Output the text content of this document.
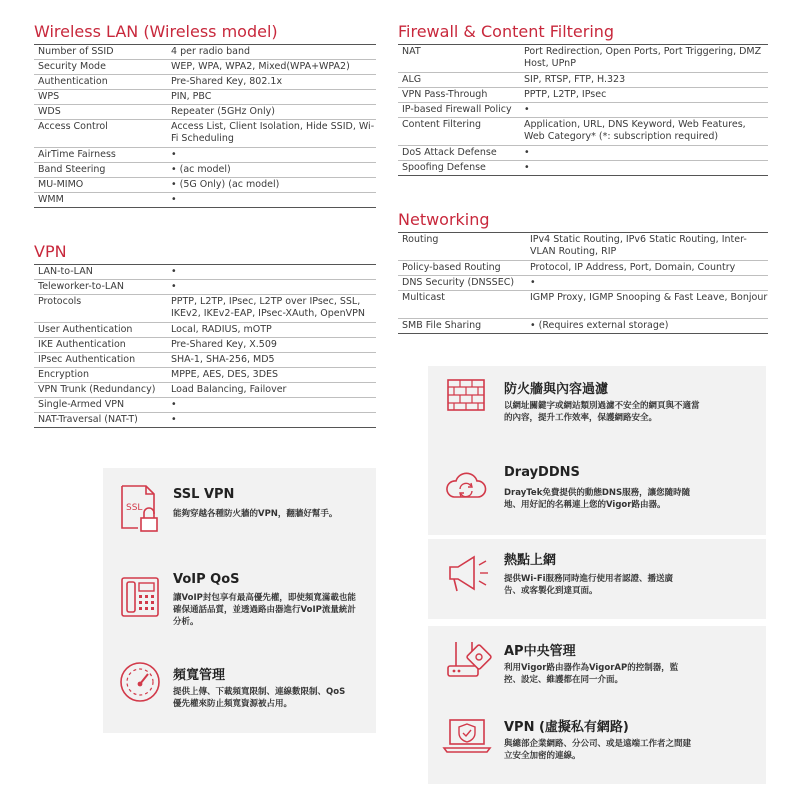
Wireless LAN (Wireless model)
Number of SSID	4 per radio band
Security Mode	WEP, WPA, WPA2, Mixed(WPA+WPA2)
Authentication	Pre-Shared Key, 802.1x
WPS	PIN, PBC
WDS	Repeater (5GHz Only)
Access Control	Access List, Client Isolation, Hide SSID, Wi-Fi Scheduling
AirTime Fairness	•
Band Steering	• (ac model)
MU-MIMO	• (5G Only) (ac model)
WMM	•
VPN
LAN-to-LAN	•
Teleworker-to-LAN	•
Protocols	PPTP, L2TP, IPsec, L2TP over IPsec, SSL, IKEv2, IKEv2-EAP, IPsec-XAuth, OpenVPN
User Authentication	Local, RADIUS, mOTP
IKE Authentication	Pre-Shared Key, X.509
IPsec Authentication	SHA-1, SHA-256, MD5
Encryption	MPPE, AES, DES, 3DES
VPN Trunk (Redundancy)	Load Balancing, Failover
Single-Armed VPN	•
NAT-Traversal (NAT-T)	•
Firewall & Content Filtering
NAT	Port Redirection, Open Ports, Port Triggering, DMZ Host, UPnP
ALG	SIP, RTSP, FTP, H.323
VPN Pass-Through	PPTP, L2TP, IPsec
IP-based Firewall Policy	•
Content Filtering	Application, URL, DNS Keyword, Web Features, Web Category* (*: subscription required)
DoS Attack Defense	•
Spoofing Defense	•
Networking
Routing	IPv4 Static Routing, IPv6 Static Routing, Inter-VLAN Routing, RIP
Policy-based Routing	Protocol, IP Address, Port, Domain, Country
DNS Security (DNSSEC)	•
Multicast	IGMP Proxy, IGMP Snooping & Fast Leave, Bonjour
SMB File Sharing	• (Requires external storage)
SSL
SSL VPN
能夠穿越各種防火牆的VPN，翻牆好幫手。
VoIP QoS
讓VoIP封包享有最高優先權，即使頻寬滿載也能確保通話品質，並透過路由器進行VoIP流量統計分析。
頻寬管理
提供上傳、下載頻寬限制、連線數限制、QoS優先權來防止頻寬資源被占用。
防火牆與內容過濾
以網址關鍵字或網站類別過濾不安全的網頁與不適當的內容，提升工作效率，保護網路安全。
DrayDDNS
DrayTek免費提供的動態DNS服務，讓您隨時隨地、用好記的名稱連上您的Vigor路由器。
熱點上網
提供Wi-Fi服務同時進行使用者認證、播送廣告、或客製化到達頁面。
AP中央管理
利用Vigor路由器作為VigorAP的控制器，監控、設定、維護都在同一介面。
VPN (虛擬私有網路)
與總部企業網路、分公司、或是遠端工作者之間建立安全加密的連線。
